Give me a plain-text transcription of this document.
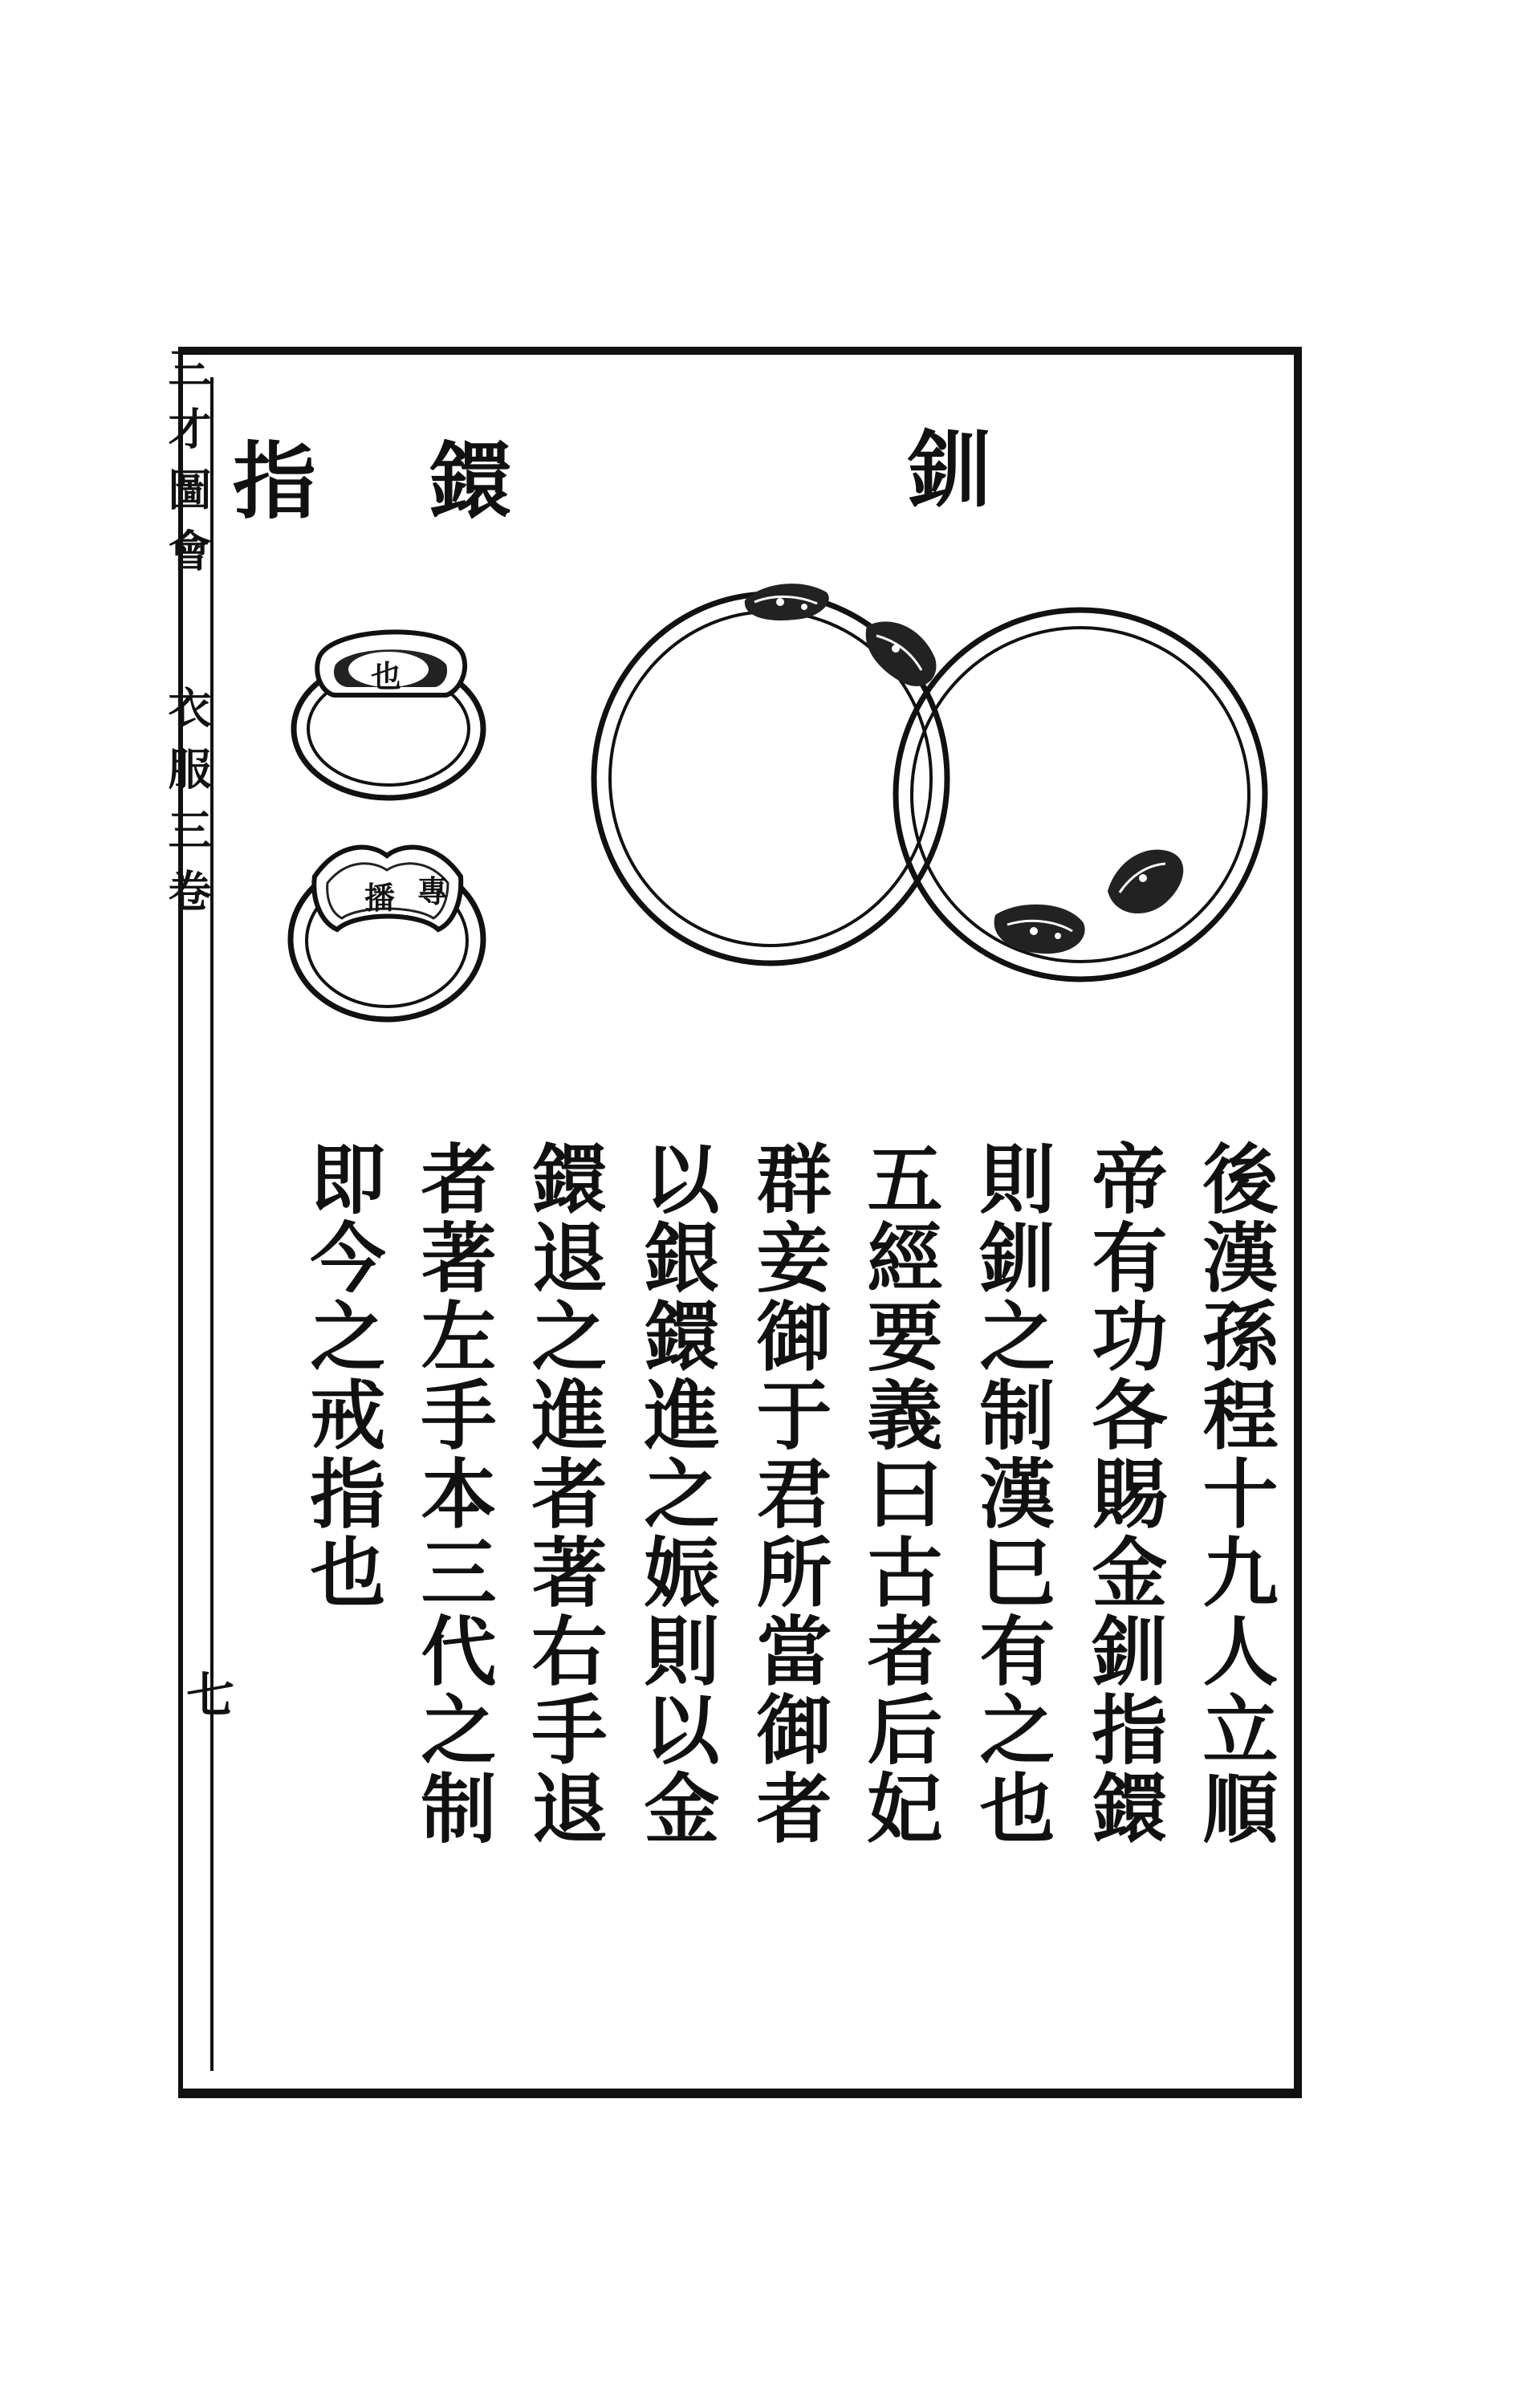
三才圖會衣服三卷
七
釧
指鐶
也
播 專
後漢孫程十九人立順
帝有功各賜金釧指鐶
則釧之制漢巳有之也
五經要義曰古者后妃
群妾御于君所當御者
以銀鐶進之娠則以金
鐶退之進者著右手退
者著左手本三代之制
即今之戒指也
